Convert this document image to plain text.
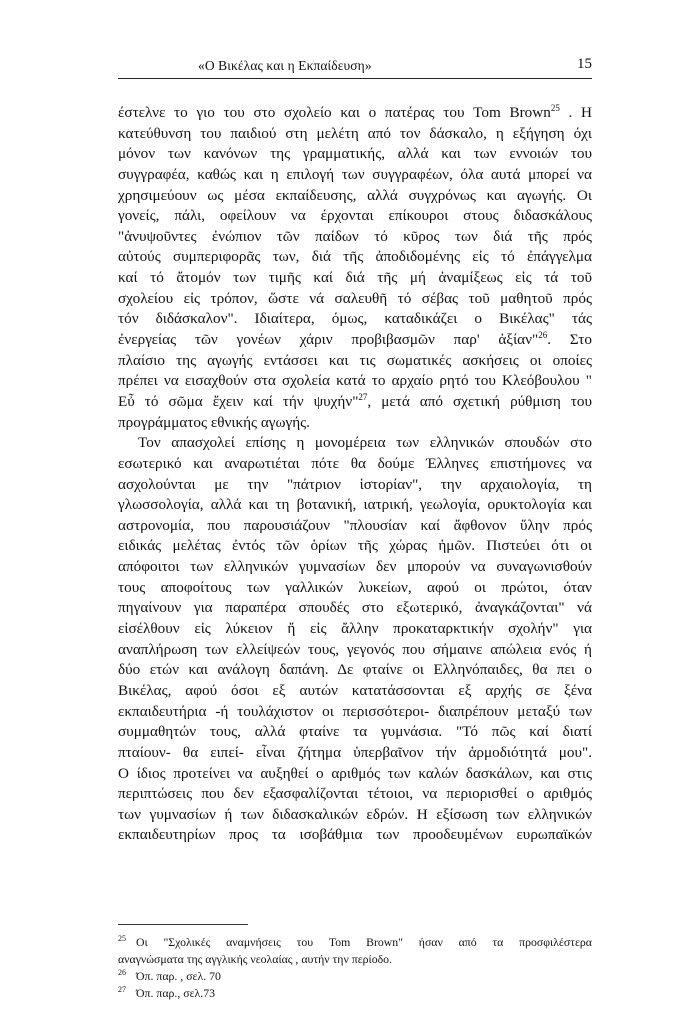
«Ο Βικέλας και η Εκπαίδευση»	15
έστελνε το γιο του στο σχολείο και ο πατέρας του Tom Brown$^{25}$ . Η
κατεύθυνση του παιδιού στη μελέτη από τον δάσκαλο, η εξήγηση όχι
μόνον των κανόνων της γραμματικής, αλλά και των εννοιών του
συγγραφέα, καθώς και η επιλογή των συγγραφέων, όλα αυτά μπορεί να
χρησιμεύουν ως μέσα εκπαίδευσης, αλλά συγχρόνως και αγωγής. Οι
γονείς, πάλι, οφείλουν να έρχονται επίκουροι στους διδασκάλους
"ἀνυψοῦντες ἐνώπιον τῶν παίδων τό κῦρος των διά τῆς πρός
αὐτούς συμπεριφορᾶς των, διά τῆς ἀποδιδομένης εἰς τό ἐπάγγελμα
καί τό ἄτομόν των τιμῆς καί διά τῆς μή ἀναμίξεως εἰς τά τοῦ
σχολείου εἰς τρόπον, ὥστε νά σαλευθῆ τό σέβας τοῦ μαθητοῦ πρός
τόν διδάσκαλον". Ιδιαίτερα, όμως, καταδικάζει ο Βικέλας" τάς
ἐνεργείας τῶν γονέων χάριν προβιβασμῶν παρ' ἀξίαν"$^{26}$. Στο
πλαίσιο της αγωγής εντάσσει και τις σωματικές ασκήσεις οι οποίες
πρέπει να εισαχθούν στα σχολεία κατά το αρχαίο ρητό του Κλεόβουλου "
Εὖ τό σῶμα ἔχειν καί τήν ψυχήν"$^{27}$, μετά από σχετική ρύθμιση του
προγράμματος εθνικής αγωγής.
Τον απασχολεί επίσης η μονομέρεια των ελληνικών σπουδών στο
εσωτερικό και αναρωτιέται πότε θα δούμε Έλληνες επιστήμονες να
ασχολούνται με την "πάτριον ἱστορίαν", την αρχαιολογία, τη
γλωσσολογία, αλλά και τη βοτανική, ιατρική, γεωλογία, ορυκτολογία και
αστρονομία, που παρουσιάζουν "πλουσίαν καί ἄφθονον ὕλην πρός
ειδικάς μελέτας ἐντός τῶν ὁρίων τῆς χώρας ἡμῶν. Πιστεύει ότι οι
απόφοιτοι των ελληνικών γυμνασίων δεν μπορούν να συναγωνισθούν
τους αποφοίτους των γαλλικών λυκείων, αφού οι πρώτοι, όταν
πηγαίνουν για παραπέρα σπουδές στο εξωτερικό, ἀναγκάζονται" νά
εἰσέλθουν εἰς λύκειον ἤ εἰς ἄλλην προκαταρκτικήν σχολήν" για
αναπλήρωση των ελλείψεών τους, γεγονός που σήμαινε απώλεια ενός ή
δύο ετών και ανάλογη δαπάνη. Δε φταίνε οι Ελληνόπαιδες, θα πει ο
Βικέλας, αφού όσοι εξ αυτών κατατάσσονται εξ αρχής σε ξένα
εκπαιδευτήρια -ή τουλάχιστον οι περισσότεροι- διαπρέπουν μεταξύ των
συμμαθητών τους, αλλά φταίνε τα γυμνάσια. "Τό πῶς καί διατί
πταίουν- θα ειπεί- εἶναι ζήτημα ὑπερβαῖνον τήν ἁρμοδιότητά μου".
Ο ίδιος προτείνει να αυξηθεί ο αριθμός των καλών δασκάλων, και στις
περιπτώσεις που δεν εξασφαλίζονται τέτοιοι, να περιορισθεί ο αριθμός
των γυμνασίων ή των διδασκαλικών εδρών. Η εξίσωση των ελληνικών
εκπαιδευτηρίων προς τα ισοβάθμια των προοδευμένων ευρωπαϊκών
$^{25}$ Οι "Σχολικές αναμνήσεις του Tom Brown" ήσαν από τα προσφιλέστερα
αναγνώσματα της αγγλικής νεολαίας , αυτήν την περίοδο.
$^{26}$ Όπ. παρ. , σελ. 70
$^{27}$ Όπ. παρ., σελ.73
